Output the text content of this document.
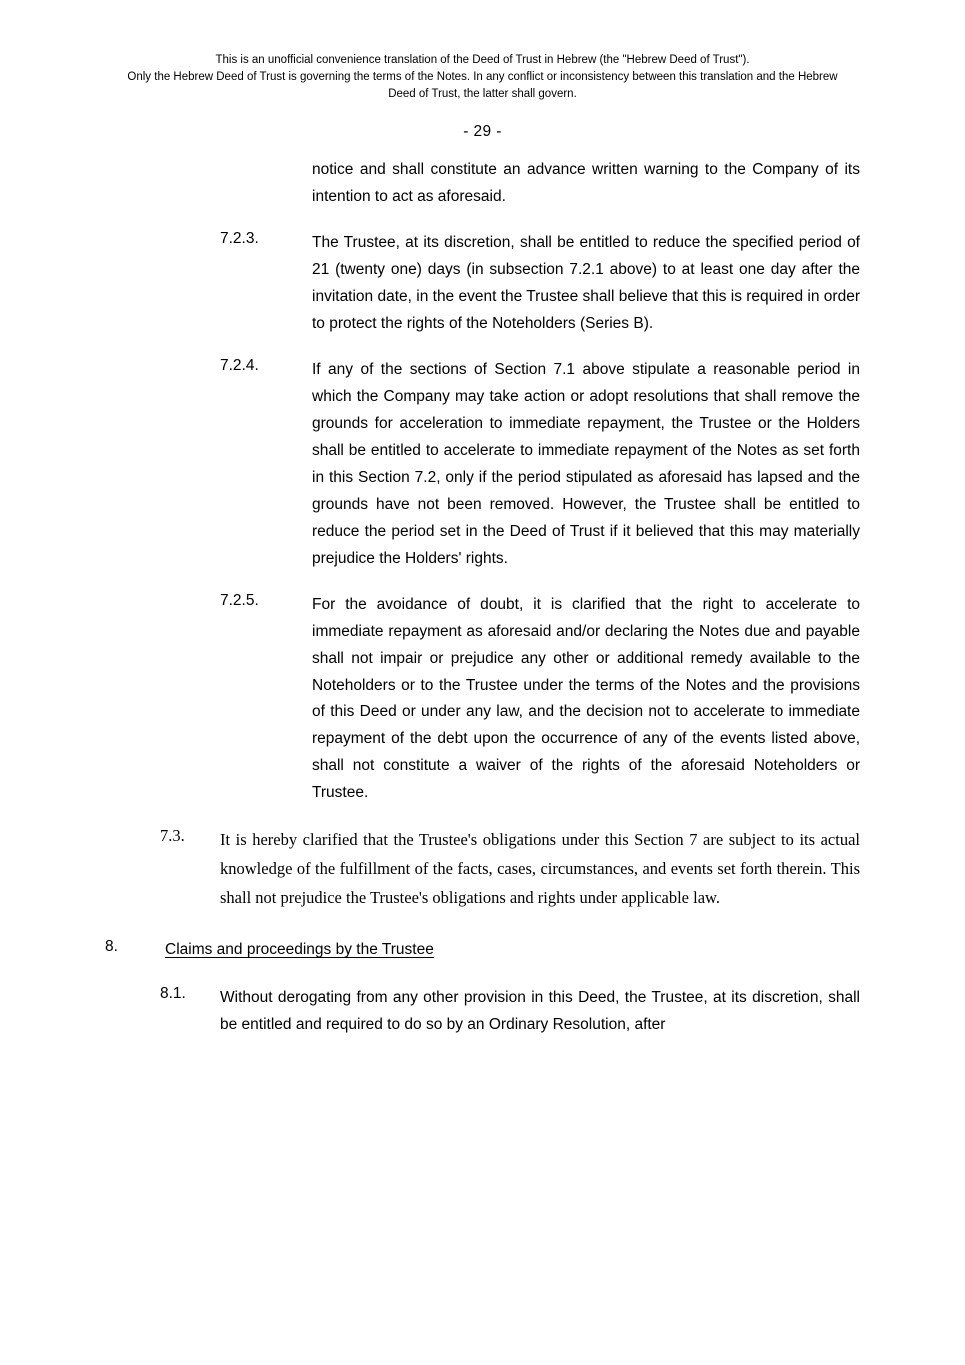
This is an unofficial convenience translation of the Deed of Trust in Hebrew (the "Hebrew Deed of Trust").
Only the Hebrew Deed of Trust is governing the terms of the Notes. In any conflict or inconsistency between this translation and the Hebrew
Deed of Trust, the latter shall govern.
- 29 -
notice and shall constitute an advance written warning to the Company of its intention to act as aforesaid.
7.2.3.	The Trustee, at its discretion, shall be entitled to reduce the specified period of 21 (twenty one) days (in subsection 7.2.1 above) to at least one day after the invitation date, in the event the Trustee shall believe that this is required in order to protect the rights of the Noteholders (Series B).
7.2.4.	If any of the sections of Section 7.1 above stipulate a reasonable period in which the Company may take action or adopt resolutions that shall remove the grounds for acceleration to immediate repayment, the Trustee or the Holders shall be entitled to accelerate to immediate repayment of the Notes as set forth in this Section 7.2, only if the period stipulated as aforesaid has lapsed and the grounds have not been removed. However, the Trustee shall be entitled to reduce the period set in the Deed of Trust if it believed that this may materially prejudice the Holders' rights.
7.2.5.	For the avoidance of doubt, it is clarified that the right to accelerate to immediate repayment as aforesaid and/or declaring the Notes due and payable shall not impair or prejudice any other or additional remedy available to the Noteholders or to the Trustee under the terms of the Notes and the provisions of this Deed or under any law, and the decision not to accelerate to immediate repayment of the debt upon the occurrence of any of the events listed above, shall not constitute a waiver of the rights of the aforesaid Noteholders or Trustee.
7.3.	It is hereby clarified that the Trustee's obligations under this Section 7 are subject to its actual knowledge of the fulfillment of the facts, cases, circumstances, and events set forth therein. This shall not prejudice the Trustee's obligations and rights under applicable law.
8.	Claims and proceedings by the Trustee
8.1.	Without derogating from any other provision in this Deed, the Trustee, at its discretion, shall be entitled and required to do so by an Ordinary Resolution, after
